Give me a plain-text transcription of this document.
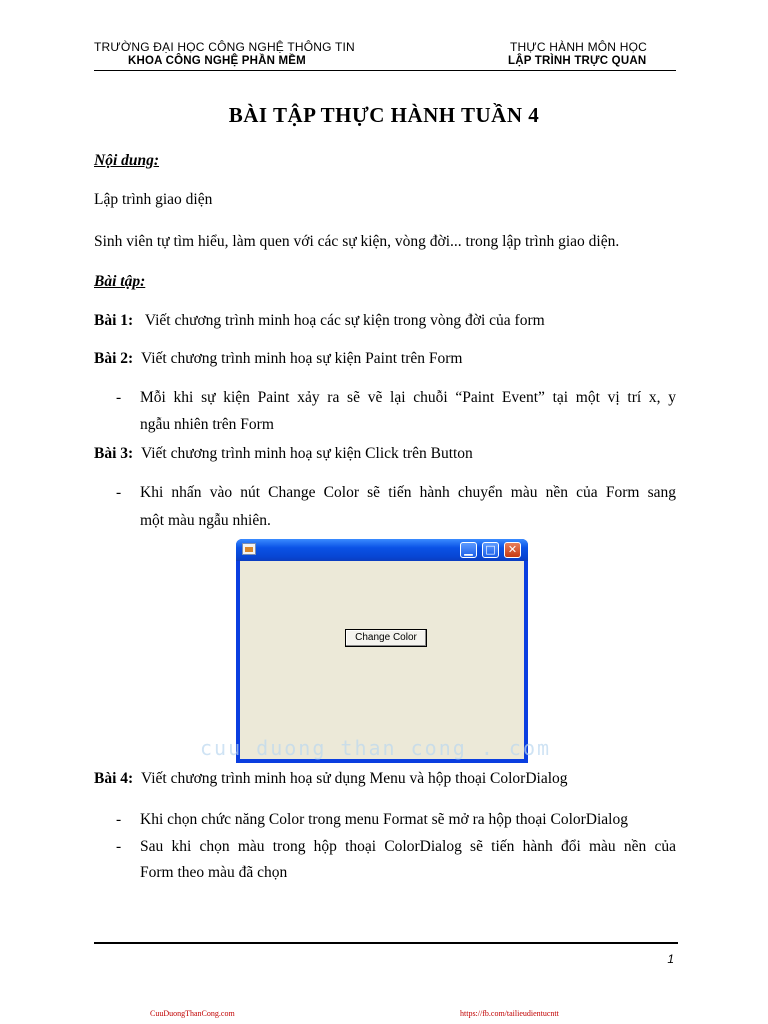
TRƯỜNG ĐẠI HỌC CÔNG NGHỆ THÔNG TIN
KHOA CÔNG NGHỆ PHẦN MỀM
THỰC HÀNH MÔN HỌC
LẬP TRÌNH TRỰC QUAN
BÀI TẬP THỰC HÀNH TUẦN 4
Nội dung:
Lập trình giao diện
Sinh viên tự tìm hiểu, làm quen với các sự kiện, vòng đời... trong lập trình giao diện.
Bài tập:
Bài 1: Viết chương trình minh hoạ các sự kiện trong vòng đời của form
Bài 2: Viết chương trình minh hoạ sự kiện Paint trên Form
- Mỗi khi sự kiện Paint xảy ra sẽ vẽ lại chuỗi “Paint Event” tại một vị trí x, y
ngẫu nhiên trên Form
Bài 3: Viết chương trình minh hoạ sự kiện Click trên Button
- Khi nhấn vào nút Change Color sẽ tiến hành chuyển màu nền của Form sang
một màu ngẫu nhiên.
▁	□	✕
Change Color
cuu duong than cong . com
Bài 4: Viết chương trình minh hoạ sử dụng Menu và hộp thoại ColorDialog
- Khi chọn chức năng Color trong menu Format sẽ mở ra hộp thoại ColorDialog
- Sau khi chọn màu trong hộp thoại ColorDialog sẽ tiến hành đổi màu nền của
Form theo màu đã chọn
1
CuuDuongThanCong.com	https://fb.com/tailieudientucntt
